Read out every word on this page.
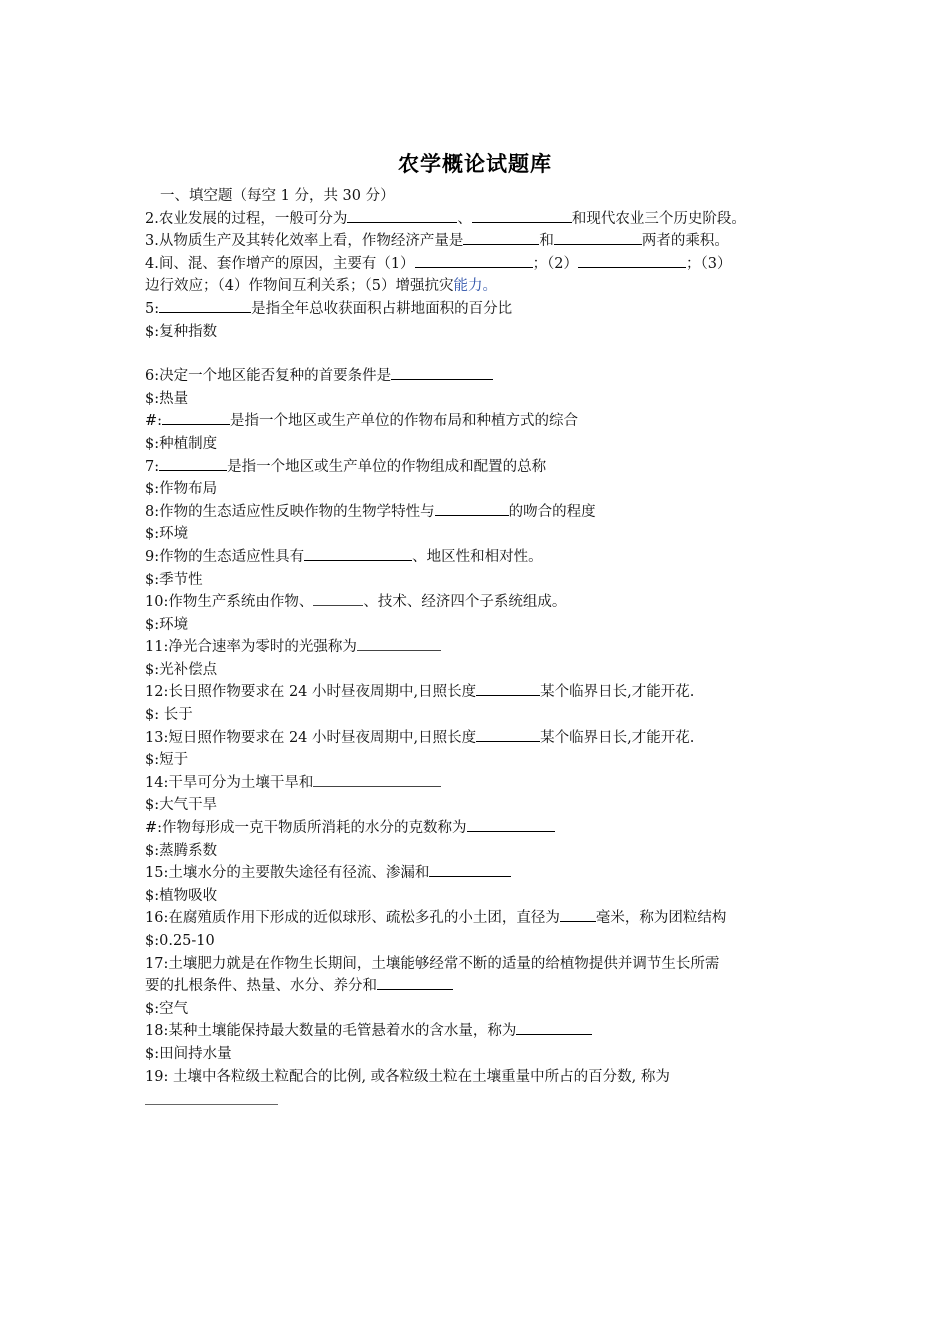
农学概论试题库
一、填空题（每空 1 分，共 30 分）
2.农业发展的过程，一般可分为	、	和现代农业三个历史阶段。
3.从物质生产及其转化效率上看，作物经济产量是	和	两者的乘积。
4.间、混、套作增产的原因，主要有（1）	；（2）	；（3）
边行效应；（4）作物间互利关系；（5）增强抗灾能力。
5:	是指全年总收获面积占耕地面积的百分比
$:复种指数
6:决定一个地区能否复种的首要条件是
$:热量
#:	是指一个地区或生产单位的作物布局和种植方式的综合
$:种植制度
7:	是指一个地区或生产单位的作物组成和配置的总称
$:作物布局
8:作物的生态适应性反映作物的生物学特性与	的吻合的程度
$:环境
9:作物的生态适应性具有	、地区性和相对性。
$:季节性
10:作物生产系统由作物、	、技术、经济四个子系统组成。
$:环境
11:净光合速率为零时的光强称为
$:光补偿点
12:长日照作物要求在 24 小时昼夜周期中,日照长度	某个临界日长,才能开花.
$: 长于
13:短日照作物要求在 24 小时昼夜周期中,日照长度	某个临界日长,才能开花.
$:短于
14:干旱可分为土壤干旱和
$:大气干旱
#:作物每形成一克干物质所消耗的水分的克数称为
$:蒸腾系数
15:土壤水分的主要散失途径有径流、渗漏和
$:植物吸收
16:在腐殖质作用下形成的近似球形、疏松多孔的小土团，直径为 毫米，称为团粒结构
$:0.25-10
17:土壤肥力就是在作物生长期间，土壤能够经常不断的适量的给植物提供并调节生长所需
要的扎根条件、热量、水分、养分和
$:空气
18:某种土壤能保持最大数量的毛管悬着水的含水量，称为
$:田间持水量
19: 土壤中各粒级土粒配合的比例, 或各粒级土粒在土壤重量中所占的百分数, 称为
